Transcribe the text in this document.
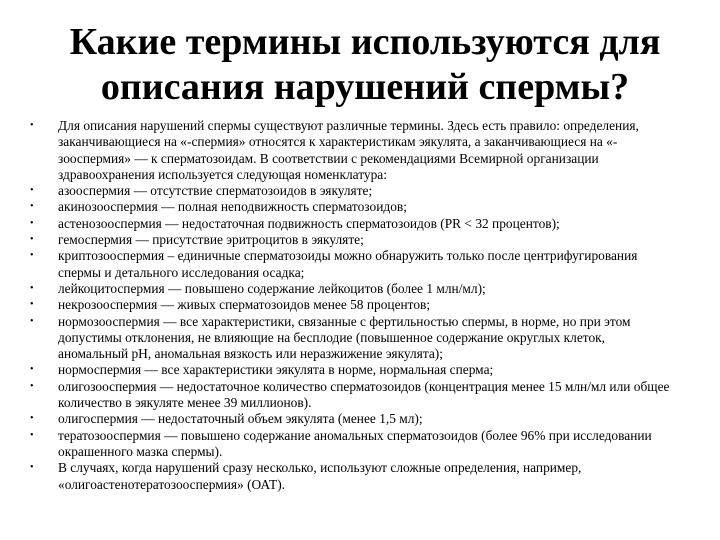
Какие термины используются для описания нарушений спермы?
• Для описания нарушений спермы существуют различные термины. Здесь есть правило: определения, заканчивающиеся на «-спермия» относятся к характеристикам эякулята, а заканчивающиеся на «-зооспермия» — к сперматозоидам. В соответствии с рекомендациями Всемирной организации здравоохранения используется следующая номенклатура:
• азооспермия — отсутствие сперматозоидов в эякуляте;
• акинозооспермия — полная неподвижность сперматозоидов;
• астенозооспермия — недостаточная подвижность сперматозоидов (PR < 32 процентов);
• гемоспермия — присутствие эритроцитов в эякуляте;
• криптозооспермия – единичные сперматозоиды можно обнаружить только после центрифугирования спермы и детального исследования осадка;
• лейкоцитоспермия — повышено содержание лейкоцитов (более 1 млн/мл);
• некрозооспермия — живых сперматозоидов менее 58 процентов;
• нормозооспермия — все характеристики, связанные с фертильностью спермы, в норме, но при этом допустимы отклонения, не влияющие на бесплодие (повышенное содержание округлых клеток, аномальный pH, аномальная вязкость или неразжижение эякулята);
• нормоспермия — все характеристики эякулята в норме, нормальная сперма;
• олигозооспермия — недостаточное количество сперматозоидов (концентрация менее 15 млн/мл или общее количество в эякуляте менее 39 миллионов).
• олигоспермия — недостаточный объем эякулята (менее 1,5 мл);
• тератозооспермия — повышено содержание аномальных сперматозоидов (более 96% при исследовании окрашенного мазка спермы).
• В случаях, когда нарушений сразу несколько, используют сложные определения, например, «олигоастенотератозооспермия» (ОАТ).
